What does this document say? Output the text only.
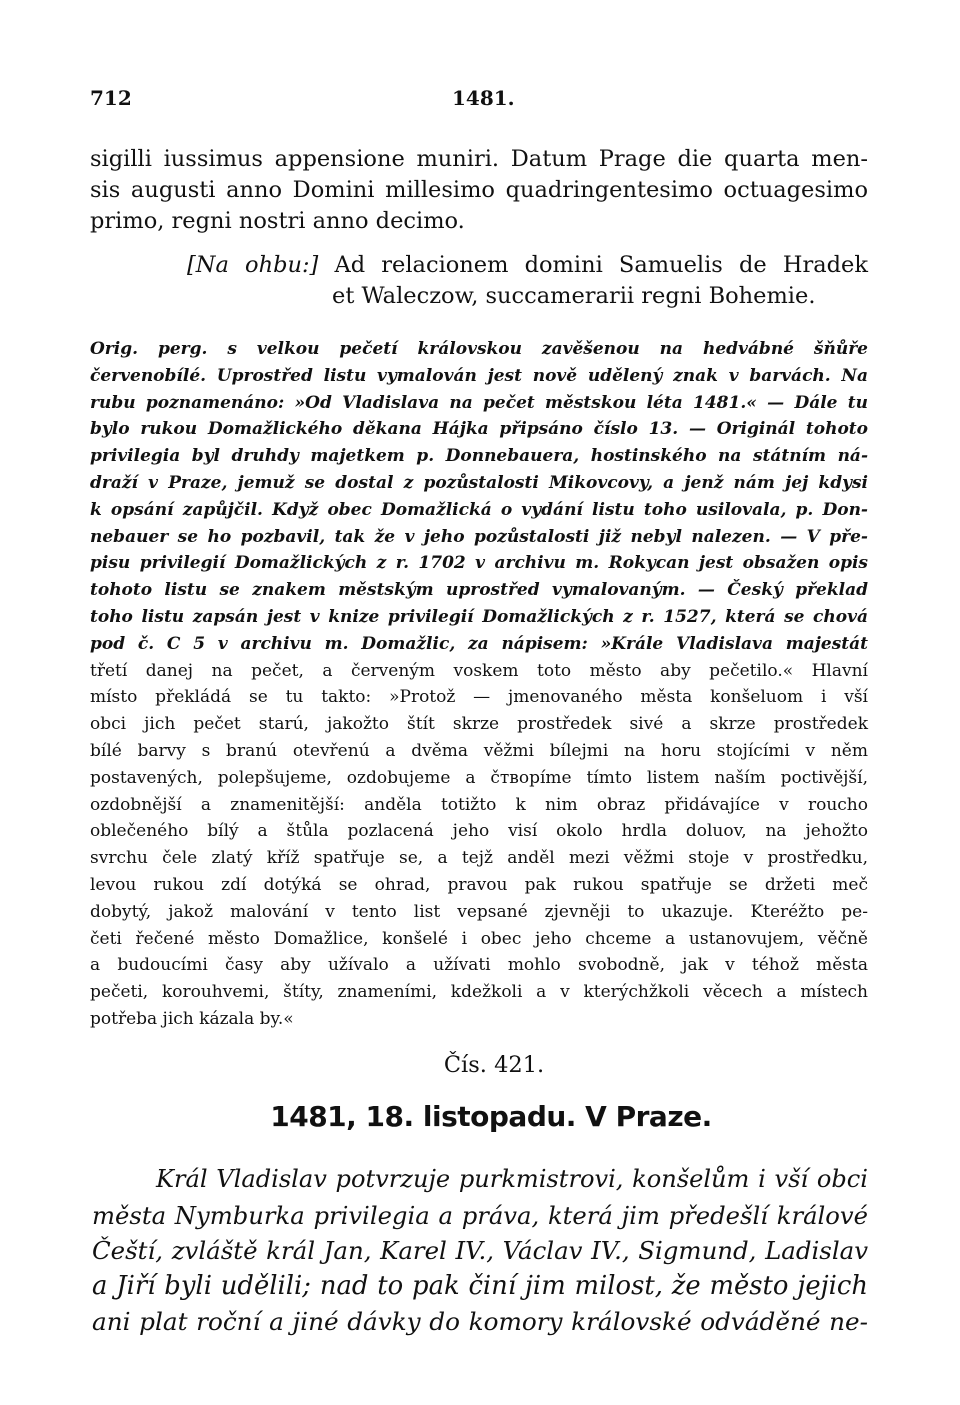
712	1481.
sigilli iussimus appensione muniri. Datum Prage die quarta men-
sis augusti anno Domini millesimo quadringentesimo octuagesimo
primo, regni nostri anno decimo.
[Na ohbu:] Ad relacionem domini Samuelis de Hradek
et Waleczow, succamerarii regni Bohemie.
Orig. perg. s velkou pečetí královskou zavěšenou na hedvábné šňůře
červenobílé. Uprostřed listu vymalován jest nově udělený znak v barvách. Na
rubu poznamenáno: »Od Vladislava na pečet městskou léta 1481.« — Dále tu
bylo rukou Domažlického děkana Hájka připsáno číslo 13. — Originál tohoto
privilegia byl druhdy majetkem p. Donnebauera, hostinského na státním ná-
draží v Praze, jemuž se dostal z pozůstalosti Mikovcovy, a jenž nám jej kdysi
k opsání zapůjčil. Když obec Domažlická o vydání listu toho usilovala, p. Don-
nebauer se ho pozbavil, tak že v jeho pozůstalosti již nebyl nalezen. — V pře-
pisu privilegií Domažlických z r. 1702 v archivu m. Rokycan jest obsažen opis
tohoto listu se znakem městským uprostřed vymalovaným. — Český překlad
toho listu zapsán jest v knize privilegií Domažlických z r. 1527, která se chová
pod č. C 5 v archivu m. Domažlic, za nápisem: »Krále Vladislava majestát
třetí danej na pečet, a červeným voskem toto město aby pečetilo.« Hlavní
místo překládá se tu takto: »Protož — jmenovaného města konšeluom i vší
obci jich pečet starú, jakožto štít skrze prostředek sivé a skrze prostředek
bílé barvy s branú otevřenú a dvěma věžmi bílejmi na horu stojícími v něm
postavených, polepšujeme, ozdobujeme a čтворíme tímto listem naším poctivější,
ozdobnější a znamenitější: anděla totižto k nim obraz přidávajíce v roucho
oblečeného bílý a štůla pozlacená jeho visí okolo hrdla doluov, na jehožto
svrchu čele zlatý kříž spatřuje se, a tejž anděl mezi věžmi stoje v prostředku,
levou rukou zdí dotýká se ohrad, pravou pak rukou spatřuje se držeti meč
dobytý, jakož malování v tento list vepsané zjevněji to ukazuje. Kteréžto pe-
četi řečené město Domažlice, konšelé i obec jeho chceme a ustanovujem, věčně
a budoucími časy aby užívalo a užívati mohlo svobodně, jak v téhož města
pečeti, korouhvemi, štíty, znameními, kdežkoli a v kterýchžkoli věcech a místech
potřeba jich kázala by.«
Čís. 421.
1481, 18. listopadu. V Praze.
Král Vladislav potvrzuje purkmistrovi, konšelům i vší obci
města Nymburka privilegia a práva, která jim předešlí králové
Čeští, zvláště král Jan, Karel IV., Václav IV., Sigmund, Ladislav
a Jiří byli udělili; nad to pak činí jim milost, že město jejich
ani plat roční a jiné dávky do komory královské odváděné ne-
